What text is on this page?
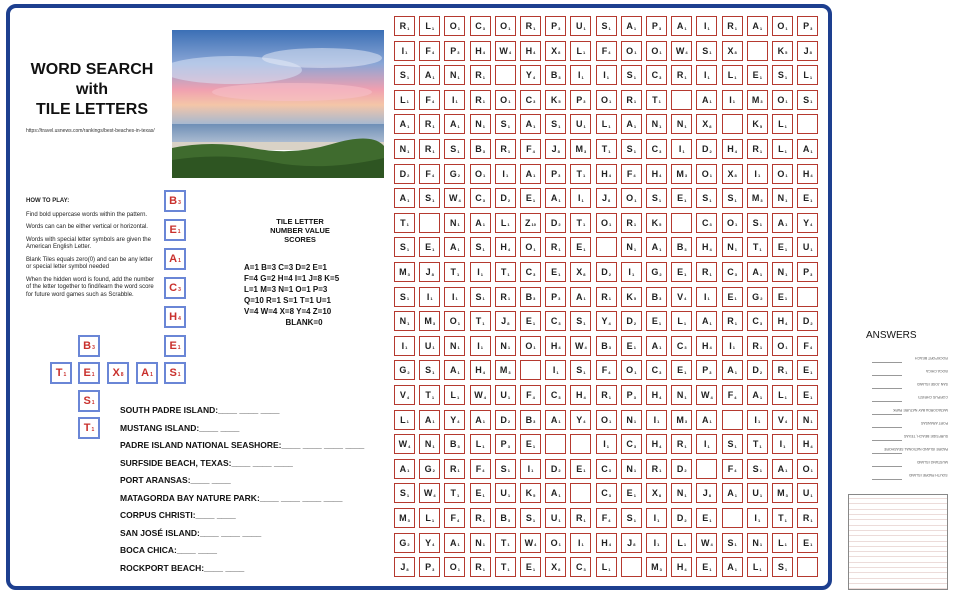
WORD SEARCH
with
TILE LETTERS
https://travel.usnews.com/rankings/best-beaches-in-texas/
HOW TO PLAY:

Find bold uppercase words within the pattern.

Words can can be either vertical or horizontal.

Words with special letter symbols are given the American English Letter.

Blank Tiles equals zero(0) and can be any letter or special letter symbol needed

When the hidden word is found, add the number of the letter together to find/learn the word score for future word games such as Scrabble.

TILE LETTER
NUMBER VALUE
SCORES
A=1 B=3 C=3 D=2 E=1
F=4 G=2 H=4 I=1 J=8 K=5
L=1 M=3 N=1 O=1 P=3
Q=10 R=1 S=1 T=1 U=1
V=4 W=4 X=8 Y=4 Z=10
BLANK=0
$B_3$
$E_1$
$A_1$
$C_3$
$H_4$
$E_1$
$S_1$
$B_3$
$T_1$ $E_1$ $X_8$ $A_1$
$S_1$
$T_1$
SOUTH PADRE ISLAND:____ ____ ____
MUSTANG ISLAND:____ ____
PADRE ISLAND NATIONAL SEASHORE:____ ____ ____ ____
SURFSIDE BEACH, TEXAS:____ ____ ____
PORT ARANSAS:____ ____
MATAGORDA BAY NATURE PARK:____ ____ ____ ____
CORPUS CHRISTI:____ ____
SAN JOSÉ ISLAND:____ ____ ____
BOCA CHICA:____ ____
ROCKPORT BEACH:____ ____
R $_1$ L $_1$ O $_1$ C $_3$ O $_1$ R $_1$ P $_3$ U $_1$ S $_1$ A $_1$ P $_3$ A $_1$ I $_1$ R $_1$ A $_1$ O $_1$ P $_3$
I $_1$ F $_4$ P $_3$ H $_4$ W $_4$ H $_4$ X $_8$ L $_1$ F $_4$ O $_1$ O $_1$ W $_4$ S $_1$ X $_8$	K $_5$ J $_8$
S $_1$ A $_1$ N $_1$ R $_1$	Y $_4$ B $_3$ I $_1$ I $_1$ S $_1$ C $_3$ R $_1$ I $_1$ L $_1$ E $_1$ S $_1$ L $_1$
L $_1$ F $_4$ I $_1$ R $_1$ O $_1$ C $_3$ K $_5$ P $_3$ O $_1$ R $_1$ T $_1$	A $_1$ I $_1$ M $_3$ O $_1$ S $_1$
A $_1$ R $_1$ A $_1$ N $_1$ S $_1$ A $_1$ S $_1$ U $_1$ L $_1$ A $_1$ N $_1$ N $_1$ X $_8$	K $_5$ L $_1$
N $_1$ R $_1$ S $_1$ B $_3$ R $_1$ F $_4$ J $_8$ M $_3$ T $_1$ S $_1$ C $_3$ I $_1$ D $_2$ H $_4$ R $_1$ L $_1$ A $_1$
D $_2$ F $_4$ G $_2$ O $_1$ I $_1$ A $_1$ P $_3$ T $_1$ H $_4$ F $_4$ H $_4$ M $_3$ O $_1$ X $_8$ I $_1$ O $_1$ H $_4$
A $_1$ S $_1$ W $_4$ C $_3$ D $_2$ E $_1$ A $_1$ I $_1$ J $_8$ O $_1$ S $_1$ E $_1$ S $_1$ S $_1$ M $_3$ N $_1$ E $_1$
T $_1$	N $_1$ A $_1$ L $_1$ Z $_{10}$ D $_2$ T $_1$ O $_1$ R $_1$ K $_5$	C $_3$ O $_1$ S $_1$ A $_1$ Y $_4$
S $_1$ E $_1$ A $_1$ S $_1$ H $_4$ O $_1$ R $_1$ E $_1$	N $_1$ A $_1$ B $_3$ H $_4$ N $_1$ T $_1$ E $_1$ U $_1$
M $_3$ J $_8$ T $_1$ I $_1$ T $_1$ C $_3$ E $_1$ X $_8$ D $_2$ I $_1$ G $_2$ E $_1$ R $_1$ C $_3$ A $_1$ N $_1$ P $_3$
S $_1$ I $_1$ I $_1$ S $_1$ R $_1$ B $_3$ P $_3$ A $_1$ R $_1$ K $_5$ B $_3$ V $_4$ I $_1$ E $_1$ G $_2$ E $_1$
N $_1$ M $_3$ O $_1$ T $_1$ J $_8$ E $_1$ C $_3$ S $_1$ Y $_4$ D $_2$ E $_1$ L $_1$ A $_1$ R $_1$ C $_3$ H $_4$ D $_2$
I $_1$ U $_1$ N $_1$ I $_1$ N $_1$ O $_1$ H $_4$ W $_4$ B $_3$ E $_1$ A $_1$ C $_3$ H $_4$ I $_1$ R $_1$ O $_1$ F $_4$
G $_2$ S $_1$ A $_1$ H $_4$ M $_3$	I $_1$ S $_1$ F $_4$ O $_1$ C $_3$ E $_1$ P $_3$ A $_1$ D $_2$ R $_1$ E $_1$
V $_4$ T $_1$ L $_1$ W $_4$ U $_1$ F $_4$ C $_3$ H $_4$ R $_1$ P $_3$ H $_4$ N $_1$ W $_4$ F $_4$ A $_1$ L $_1$ E $_1$
L $_1$ A $_1$ Y $_4$ A $_1$ D $_2$ B $_3$ A $_1$ Y $_4$ O $_1$ N $_1$ I $_1$ M $_3$ A $_1$	I $_1$ V $_4$ N $_1$
W $_4$ N $_1$ B $_3$ L $_1$ P $_3$ E $_1$	I $_1$ C $_3$ H $_4$ R $_1$ I $_1$ S $_1$ T $_1$ I $_1$ H $_4$
A $_1$ G $_2$ R $_1$ F $_4$ S $_1$ I $_1$ D $_2$ E $_1$ C $_3$ N $_1$ R $_1$ D $_2$	F $_4$ S $_1$ A $_1$ O $_1$
S $_1$ W $_4$ T $_1$ E $_1$ U $_1$ K $_5$ A $_1$	C $_3$ E $_1$ X $_8$ N $_1$ J $_8$ A $_1$ U $_1$ M $_3$ U $_1$
M $_3$ L $_1$ F $_4$ R $_1$ B $_3$ S $_1$ U $_1$ R $_1$ F $_4$ S $_1$ I $_1$ D $_2$ E $_1$	I $_1$ T $_1$ R $_1$
G $_2$ Y $_4$ A $_1$ N $_1$ T $_1$ W $_4$ O $_1$ I $_1$ H $_4$ J $_8$ I $_1$ L $_1$ W $_4$ S $_1$ N $_1$ L $_1$ E $_1$
J $_8$ P $_3$ O $_1$ R $_1$ T $_1$ E $_1$ X $_8$ C $_3$ L $_1$	M $_3$ H $_4$ E $_1$ A $_1$ L $_1$ S $_1$
ANSWERS
ROCKPORT BEACH
BOCA CHICA
SAN JOSE ISLAND
CORPUS CHRISTI
MATAGORDA BAY NATURE PARK
PORT ARANSAS
SURFSIDE BEACH, TEXAS
PADRE ISLAND NATIONAL SEASHORE
MUSTANG ISLAND
SOUTH PADRE ISLAND
